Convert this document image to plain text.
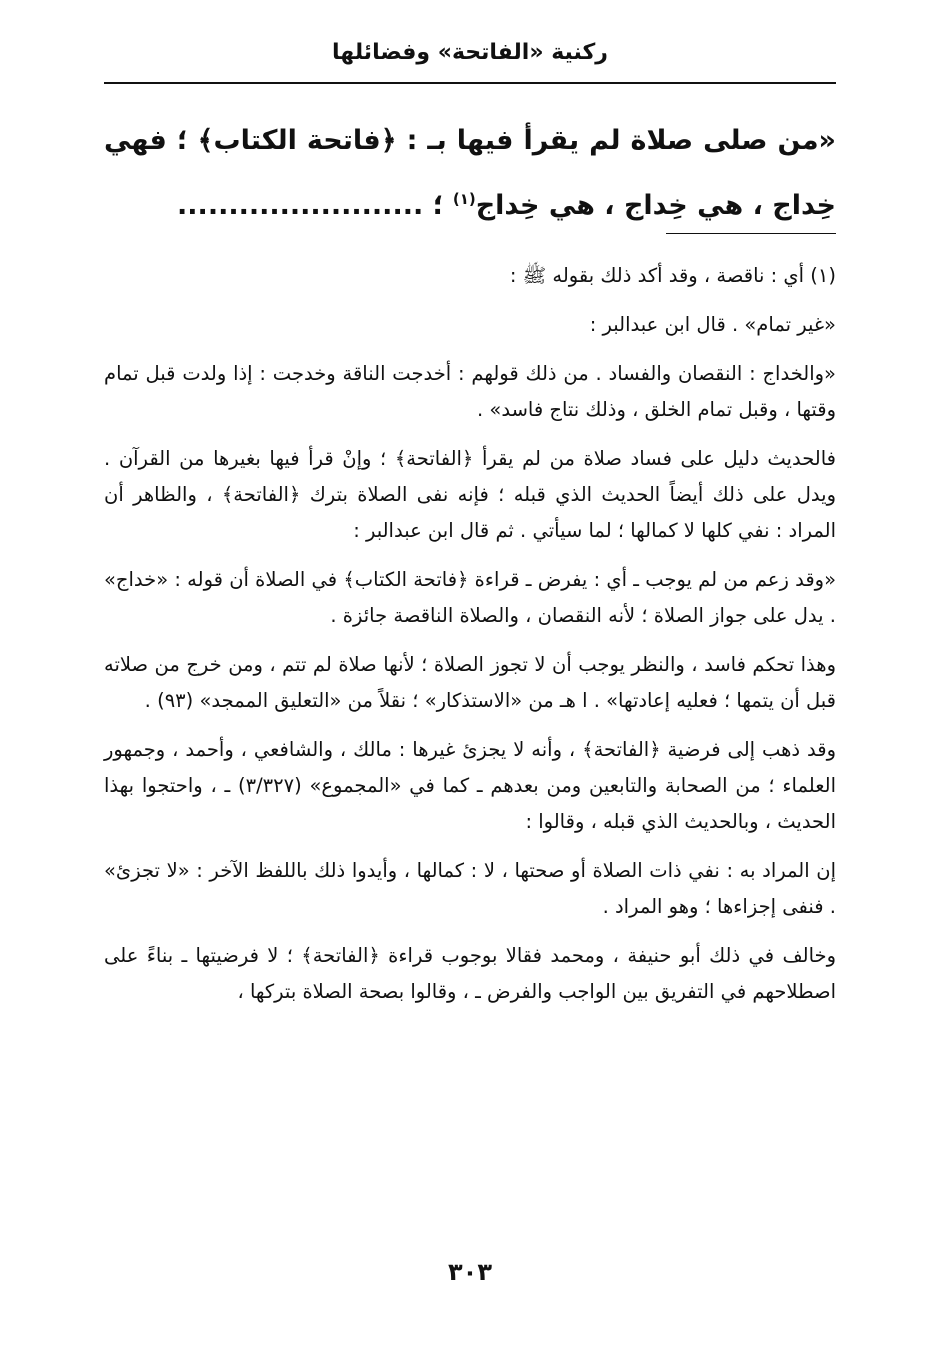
ركنية «الفاتحة» وفضائلها
«من صلى صلاة لم يقرأ فيها بـ : ﴿فاتحة الكتاب﴾ ؛ فهي خِداج ، هي خِداج ، هي خِداج$^{(١)}$ ؛ ........................

(١) أي : ناقصة ، وقد أكد ذلك بقوله ﷺ :

«غير تمام» . قال ابن عبدالبر :

«والخداج : النقصان والفساد . من ذلك قولهم : أخدجت الناقة وخدجت : إذا ولدت قبل تمام وقتها ، وقبل تمام الخلق ، وذلك نتاج فاسد» .

فالحديث دليل على فساد صلاة من لم يقرأ ﴿الفاتحة﴾ ؛ وإنْ قرأ فيها بغيرها من القرآن . ويدل على ذلك أيضاً الحديث الذي قبله ؛ فإنه نفى الصلاة بترك ﴿الفاتحة﴾ ، والظاهر أن المراد : نفي كلها لا كمالها ؛ لما سيأتي . ثم قال ابن عبدالبر :

«وقد زعم من لم يوجب ـ أي : يفرض ـ قراءة ﴿فاتحة الكتاب﴾ في الصلاة أن قوله : «خداج» . يدل على جواز الصلاة ؛ لأنه النقصان ، والصلاة الناقصة جائزة .

وهذا تحكم فاسد ، والنظر يوجب أن لا تجوز الصلاة ؛ لأنها صلاة لم تتم ، ومن خرج من صلاته قبل أن يتمها ؛ فعليه إعادتها» . ا هـ من «الاستذكار» ؛ نقلاً من «التعليق الممجد» (٩٣) .

وقد ذهب إلى فرضية ﴿الفاتحة﴾ ، وأنه لا يجزئ غيرها : مالك ، والشافعي ، وأحمد ، وجمهور العلماء ؛ من الصحابة والتابعين ومن بعدهم ـ كما في «المجموع» (٣/٣٢٧) ـ ، واحتجوا بهذا الحديث ، وبالحديث الذي قبله ، وقالوا :

إن المراد به : نفي ذات الصلاة أو صحتها ، لا : كمالها ، وأيدوا ذلك باللفظ الآخر : «لا تجزئ» . فنفى إجزاءها ؛ وهو المراد .

وخالف في ذلك أبو حنيفة ، ومحمد فقالا بوجوب قراءة ﴿الفاتحة﴾ ؛ لا فرضيتها ـ بناءً على اصطلاحهم في التفريق بين الواجب والفرض ـ ، وقالوا بصحة الصلاة بتركها ،

٣٠٣
